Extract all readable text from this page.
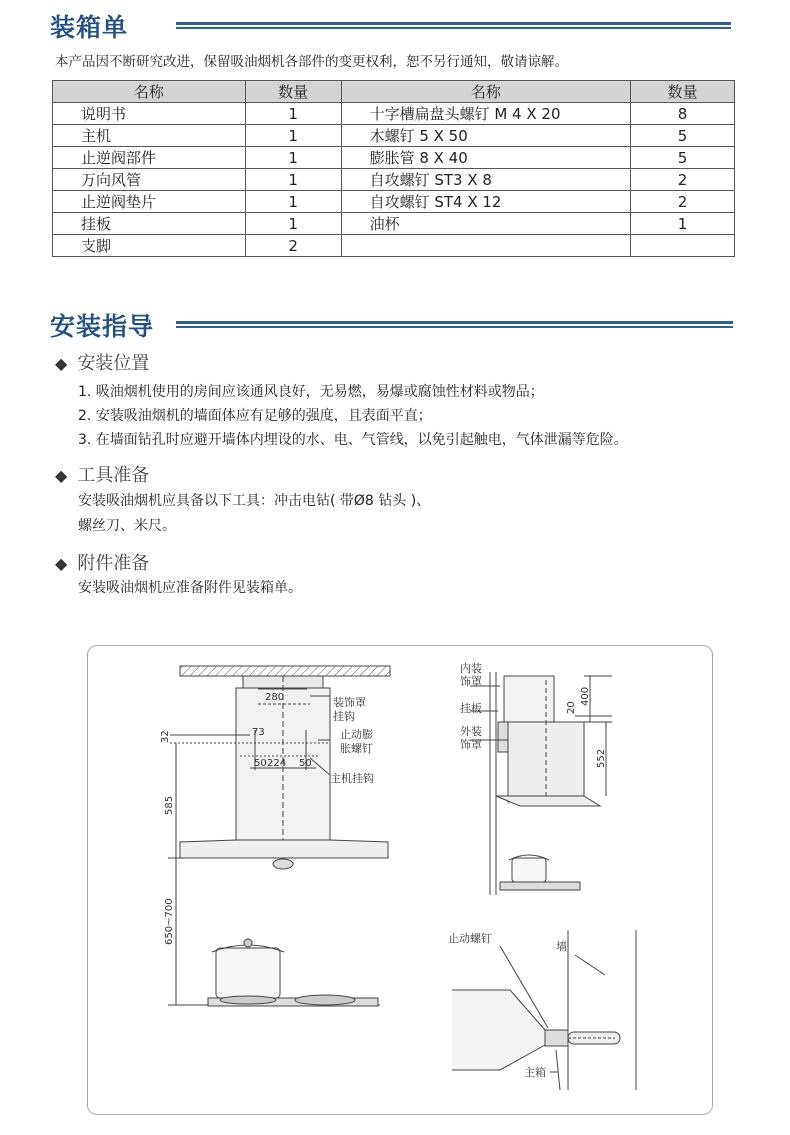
装箱单
本产品因不断研究改进，保留吸油烟机各部件的变更权利，恕不另行通知，敬请谅解。
名称	数量	名称	数量
说明书	1	十字槽扁盘头螺钉 M 4 X 20	8
主机	1	木螺钉 5 X 50	5
止逆阀部件	1	膨胀管 8 X 40	5
万向风管	1	自攻螺钉 ST3 X 8	2
止逆阀垫片	1	自攻螺钉 ST4 X 12	2
挂板	1	油杯	1
支脚	2		
安装指导
◆ 安装位置
1. 吸油烟机使用的房间应该通风良好，无易燃，易爆或腐蚀性材料或物品；
2. 安装吸油烟机的墙面体应有足够的强度，且表面平直；
3. 在墙面钻孔时应避开墙体内埋设的水、电、气管线，以免引起触电，气体泄漏等危险。
◆ 工具准备
安装吸油烟机应具备以下工具：冲击电钻( 带Ø8 钻头 )、
螺丝刀、米尺。
◆ 附件准备
安装吸油烟机应准备附件见装箱单。
280	装饰罩
挂钩
73	止动膨
胀螺钉
32
50 224 50
主机挂钩
585
650~700
内装
饰罩
挂板
外装
饰罩
20
400
552
止动螺钉
墙
主箱
